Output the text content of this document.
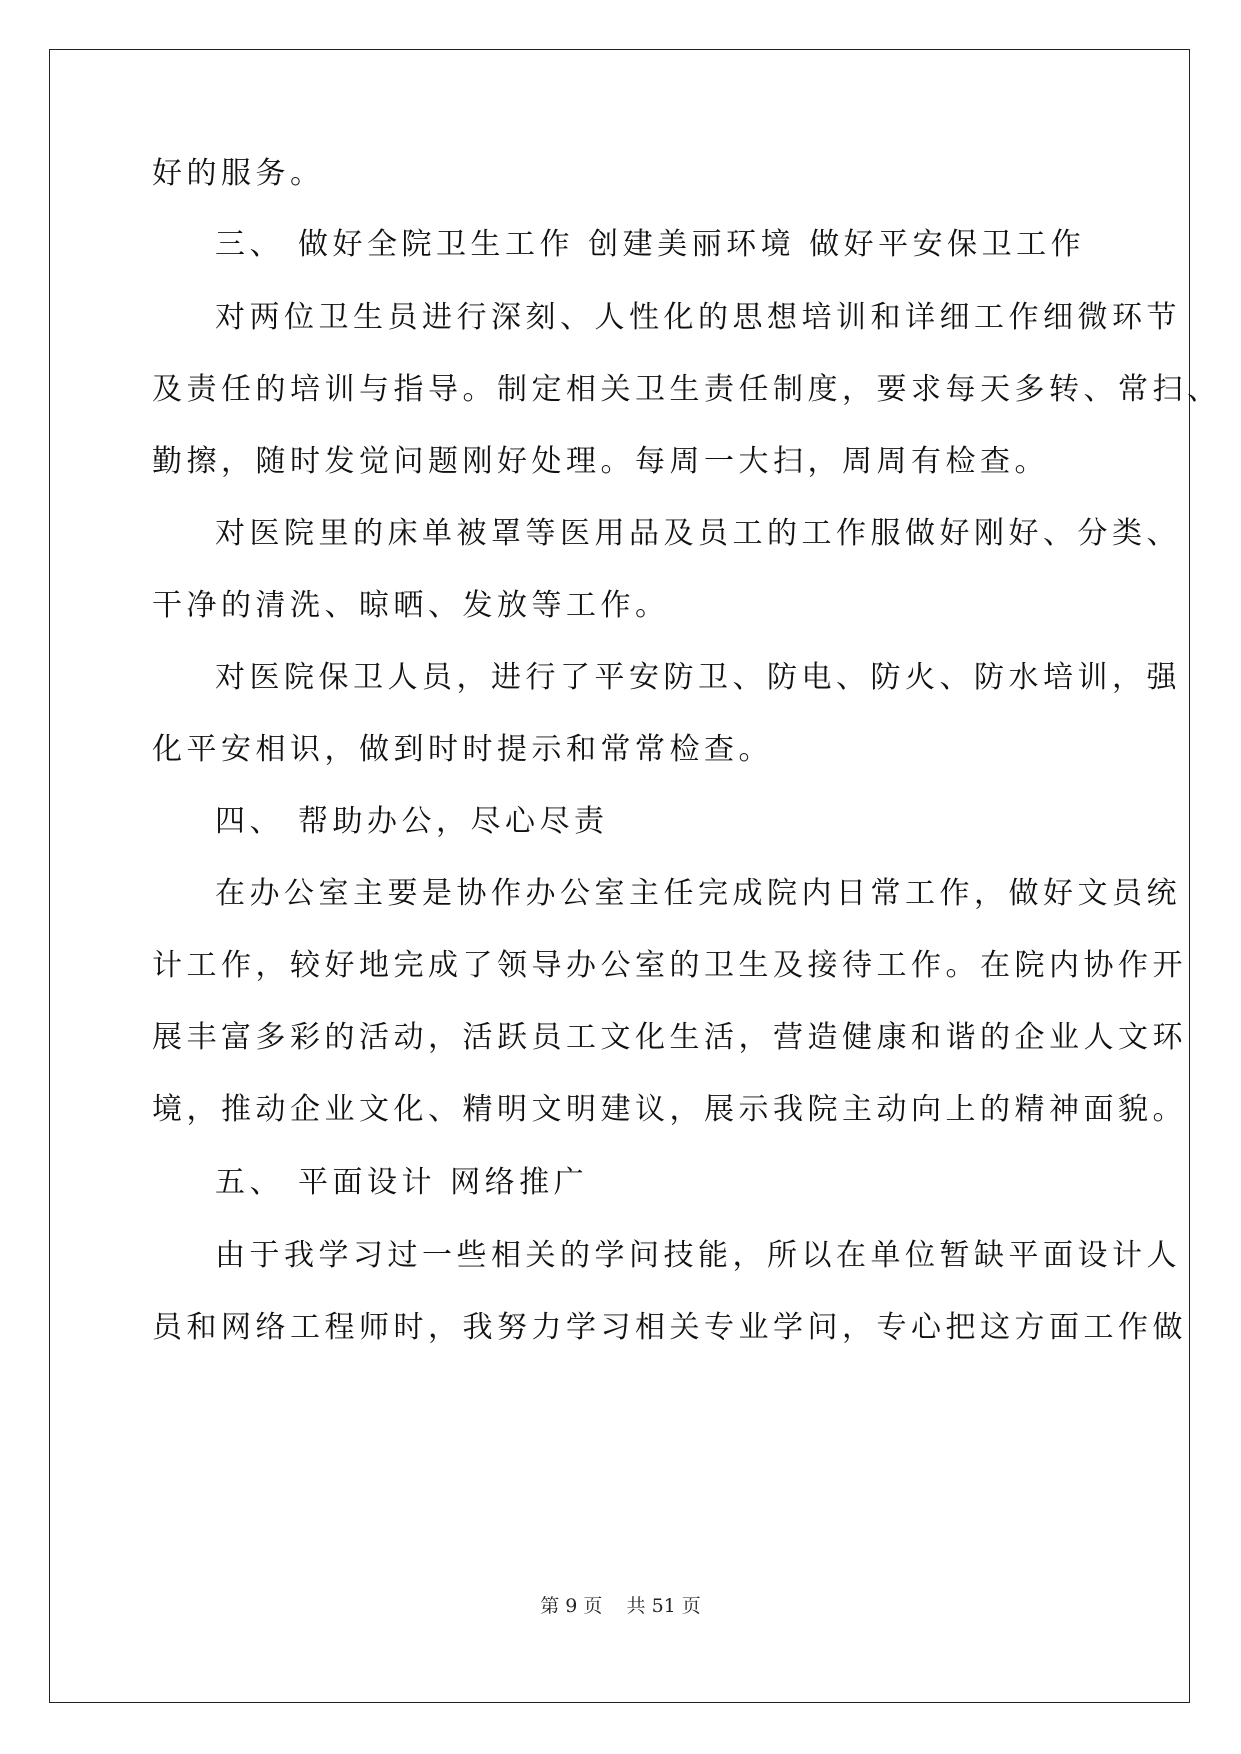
好的服务。
三、 做好全院卫生工作 创建美丽环境 做好平安保卫工作
对两位卫生员进行深刻、人性化的思想培训和详细工作细微环节
及责任的培训与指导。制定相关卫生责任制度，要求每天多转、常扫、
勤擦，随时发觉问题刚好处理。每周一大扫，周周有检查。
对医院里的床单被罩等医用品及员工的工作服做好刚好、分类、
干净的清洗、晾晒、发放等工作。
对医院保卫人员，进行了平安防卫、防电、防火、防水培训，强
化平安相识，做到时时提示和常常检查。
四、 帮助办公，尽心尽责
在办公室主要是协作办公室主任完成院内日常工作，做好文员统
计工作，较好地完成了领导办公室的卫生及接待工作。在院内协作开
展丰富多彩的活动，活跃员工文化生活，营造健康和谐的企业人文环
境，推动企业文化、精明文明建议，展示我院主动向上的精神面貌。
五、 平面设计 网络推广
由于我学习过一些相关的学问技能，所以在单位暂缺平面设计人
员和网络工程师时，我努力学习相关专业学问，专心把这方面工作做
第 9 页    共 51 页
